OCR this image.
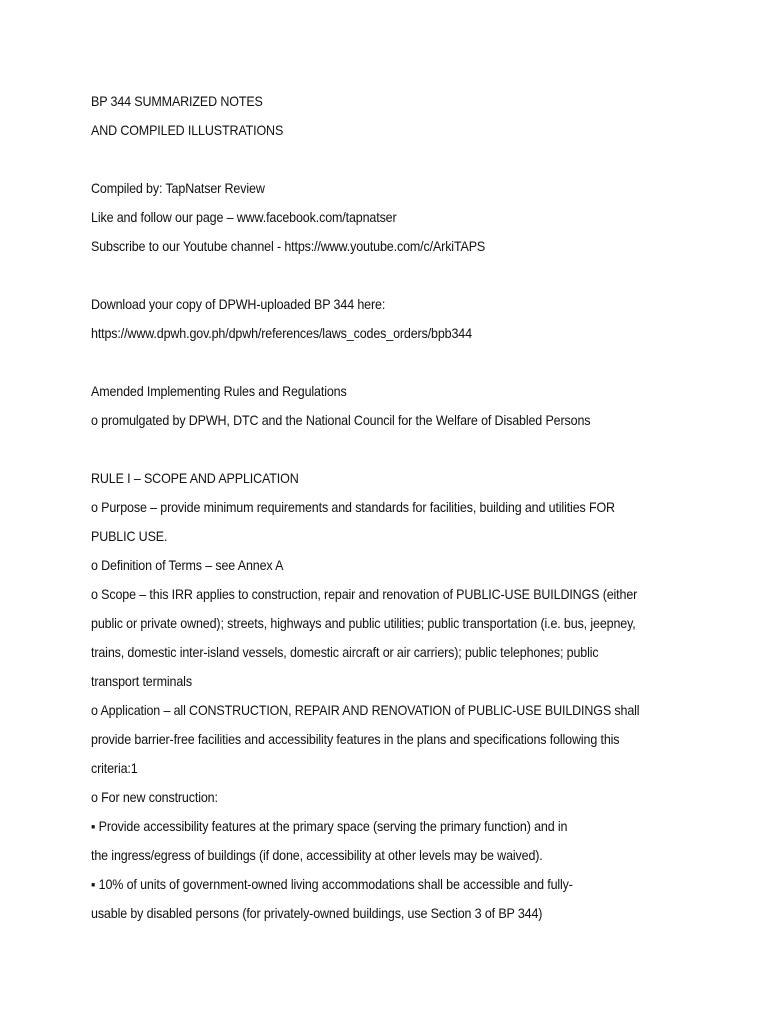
BP 344 SUMMARIZED NOTES
AND COMPILED ILLUSTRATIONS
Compiled by: TapNatser Review
Like and follow our page – www.facebook.com/tapnatser
Subscribe to our Youtube channel - https://www.youtube.com/c/ArkiTAPS
Download your copy of DPWH-uploaded BP 344 here:
https://www.dpwh.gov.ph/dpwh/references/laws_codes_orders/bpb344
Amended Implementing Rules and Regulations
o promulgated by DPWH, DTC and the National Council for the Welfare of Disabled Persons
RULE I – SCOPE AND APPLICATION
o Purpose – provide minimum requirements and standards for facilities, building and utilities FOR
PUBLIC USE.
o Definition of Terms – see Annex A
o Scope – this IRR applies to construction, repair and renovation of PUBLIC-USE BUILDINGS (either
public or private owned); streets, highways and public utilities; public transportation (i.e. bus, jeepney,
trains, domestic inter-island vessels, domestic aircraft or air carriers); public telephones; public
transport terminals
o Application – all CONSTRUCTION, REPAIR AND RENOVATION of PUBLIC-USE BUILDINGS shall
provide barrier-free facilities and accessibility features in the plans and specifications following this
criteria:1
o For new construction:
▪ Provide accessibility features at the primary space (serving the primary function) and in
the ingress/egress of buildings (if done, accessibility at other levels may be waived).
▪ 10% of units of government-owned living accommodations shall be accessible and fully-
usable by disabled persons (for privately-owned buildings, use Section 3 of BP 344)
